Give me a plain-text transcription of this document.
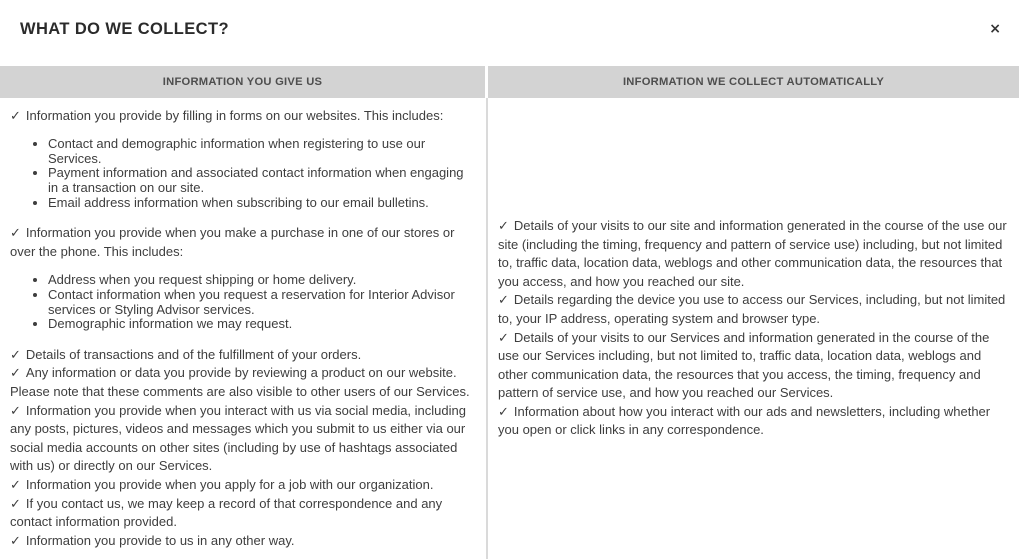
WHAT DO WE COLLECT?	×
INFORMATION YOU GIVE US	INFORMATION WE COLLECT AUTOMATICALLY
✓ Information you provide by filling in forms on our websites. This includes:
• Contact and demographic information when registering to use our Services.
• Payment information and associated contact information when engaging in a transaction on our site.
• Email address information when subscribing to our email bulletins.
✓ Information you provide when you make a purchase in one of our stores or over the phone. This includes:
• Address when you request shipping or home delivery.
• Contact information when you request a reservation for Interior Advisor services or Styling Advisor services.
• Demographic information we may request.
✓ Details of transactions and of the fulfillment of your orders.
✓ Any information or data you provide by reviewing a product on our website. Please note that these comments are also visible to other users of our Services.
✓ Information you provide when you interact with us via social media, including any posts, pictures, videos and messages which you submit to us either via our social media accounts on other sites (including by use of hashtags associated with us) or directly on our Services.
✓ Information you provide when you apply for a job with our organization.
✓ If you contact us, we may keep a record of that correspondence and any contact information provided.
✓ Information you provide to us in any other way.
✓ Details of your visits to our site and information generated in the course of the use our site (including the timing, frequency and pattern of service use) including, but not limited to, traffic data, location data, weblogs and other communication data, the resources that you access, and how you reached our site.
✓ Details regarding the device you use to access our Services, including, but not limited to, your IP address, operating system and browser type.
✓ Details of your visits to our Services and information generated in the course of the use our Services including, but not limited to, traffic data, location data, weblogs and other communication data, the resources that you access, the timing, frequency and pattern of service use, and how you reached our Services.
✓ Information about how you interact with our ads and newsletters, including whether you open or click links in any correspondence.
